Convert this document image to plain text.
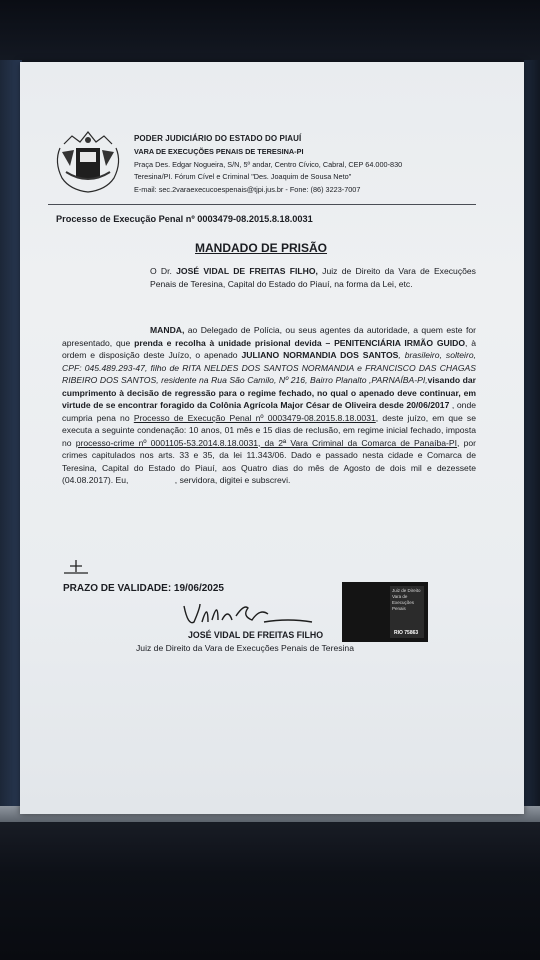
PODER JUDICIÁRIO DO ESTADO DO PIAUÍ
VARA DE EXECUÇÕES PENAIS DE TERESINA-PI
Praça Des. Edgar Nogueira, S/N, 5º andar, Centro Cívico, Cabral, CEP 64.000-830
Teresina/PI. Fórum Cível e Criminal "Des. Joaquim de Sousa Neto"
E-mail: sec.2varaexecucoespenais@tjpi.jus.br - Fone: (86) 3223-7007
Processo de Execução Penal nº 0003479-08.2015.8.18.0031
MANDADO DE PRISÃO
O Dr. JOSÉ VIDAL DE FREITAS FILHO, Juiz de Direito da Vara de Execuções Penais de Teresina, Capital do Estado do Piauí, na forma da Lei, etc.
MANDA, ao Delegado de Polícia, ou seus agentes da autoridade, a quem este for apresentado, que prenda e recolha à unidade prisional devida – PENITENCIÁRIA IRMÃO GUIDO, à ordem e disposição deste Juízo, o apenado JULIANO NORMANDIA DOS SANTOS, brasileiro, solteiro, CPF: 045.489.293-47, filho de RITA NELDES DOS SANTOS NORMANDIA e FRANCISCO DAS CHAGAS RIBEIRO DOS SANTOS, residente na Rua São Camilo, Nº 216, Bairro Planalto ,PARNAÍBA-PI,visando dar cumprimento à decisão de regressão para o regime fechado, no qual o apenado deve continuar, em virtude de se encontrar foragido da Colônia Agrícola Major César de Oliveira desde 20/06/2017 , onde cumpria pena no Processo de Execução Penal nº 0003479-08.2015.8.18.0031, deste juízo, em que se executa a seguinte condenação: 10 anos, 01 mês e 15 dias de reclusão, em regime inicial fechado, imposta no processo-crime nº 0001105-53.2014.8.18.0031, da 2ª Vara Criminal da Comarca de Panaíba-PI, por crimes capitulados nos arts. 33 e 35, da lei 11.343/06. Dado e passado nesta cidade e Comarca de Teresina, Capital do Estado do Piauí, aos Quatro dias do mês de Agosto de dois mil e dezessete (04.08.2017). Eu,	, servidora, digitei e subscrevi.
PRAZO DE VALIDADE: 19/06/2025
JOSÉ VIDAL DE FREITAS FILHO
Juiz de Direito da Vara de Execuções Penais de Teresina
Juiz de Direito Vara de Execuções Penais
RIO 75863
